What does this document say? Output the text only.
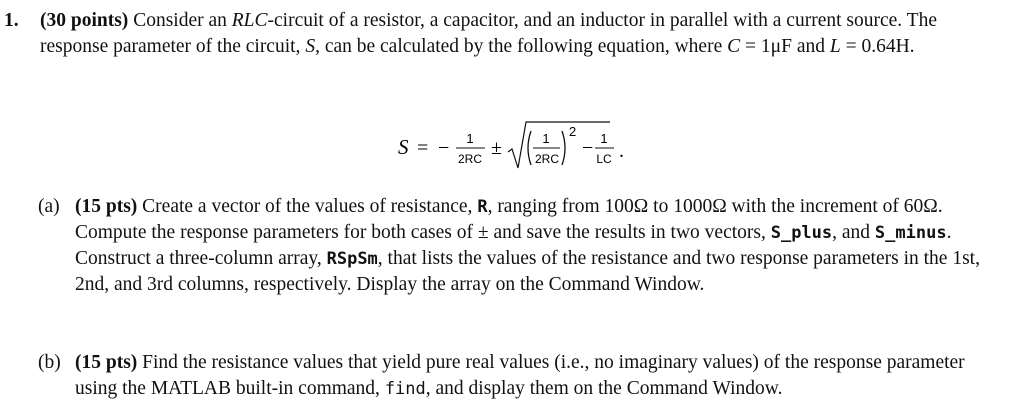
1. (30 points) Consider an RLC-circuit of a resistor, a capacitor, and an inductor in parallel with a current source. The response parameter of the circuit, S, can be calculated by the following equation, where C = 1μF and L = 0.64H.
S = − 1
2RC ±	1
2RC
2
− 1
LC .
(a) (15 pts) Create a vector of the values of resistance, R, ranging from 100Ω to 1000Ω with the increment of 60Ω. Compute the response parameters for both cases of ± and save the results in two vectors, S_plus, and S_minus. Construct a three-column array, RSpSm, that lists the values of the resistance and two response parameters in the 1st, 2nd, and 3rd columns, respectively. Display the array on the Command Window.
(b) (15 pts) Find the resistance values that yield pure real values (i.e., no imaginary values) of the response parameter using the MATLAB built-in command, find, and display them on the Command Window.
